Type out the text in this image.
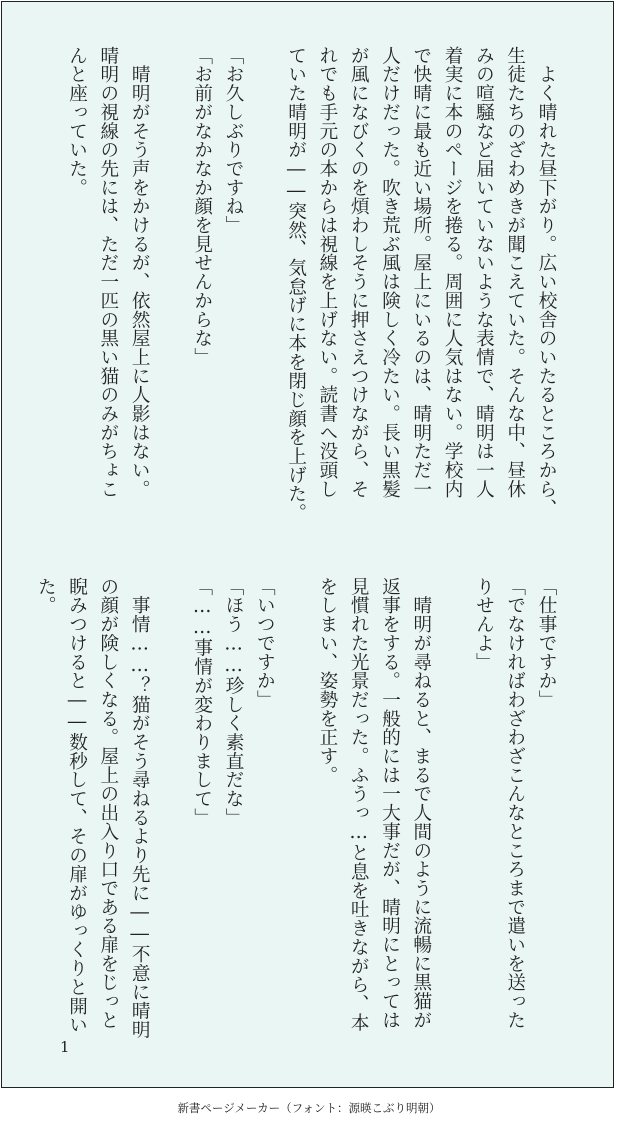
　よく晴れた昼下がり。広い校舎のいたるところから、
生徒たちのざわめきが聞こえていた。そんな中、昼休
みの喧騒など届いていないような表情で、晴明は一人
着実に本のページを捲る。周囲に人気はない。学校内
で快晴に最も近い場所。屋上にいるのは、晴明ただ一
人だけだった。吹き荒ぶ風は険しく冷たい。長い黒髪
が風になびくのを煩わしそうに押さえつけながら、そ
れでも手元の本からは視線を上げない。読書へ没頭し
ていた晴明が――突然、気怠げに本を閉じ顔を上げた。

「お久しぶりですね」
「お前がなかなか顔を見せんからな」

　晴明がそう声をかけるが、依然屋上に人影はない。
晴明の視線の先には、ただ一匹の黒い猫のみがちょこ
んと座っていた。
「仕事ですか」
「でなければわざわざこんなところまで遣いを送った
りせんよ」

　晴明が尋ねると、まるで人間のように流暢に黒猫が
返事をする。一般的には一大事だが、晴明にとっては
見慣れた光景だった。ふうっ…と息を吐きながら、本
をしまい、姿勢を正す。

「いつですか」
「ほう……珍しく素直だな」
「……事情が変わりまして」

　事情……？猫がそう尋ねるより先に――不意に晴明
の顔が険しくなる。屋上の出入り口である扉をじっと
睨みつけると――数秒して、その扉がゆっくりと開い
た。
1
新書ページメーカー（フォント：源暎こぶり明朝）
